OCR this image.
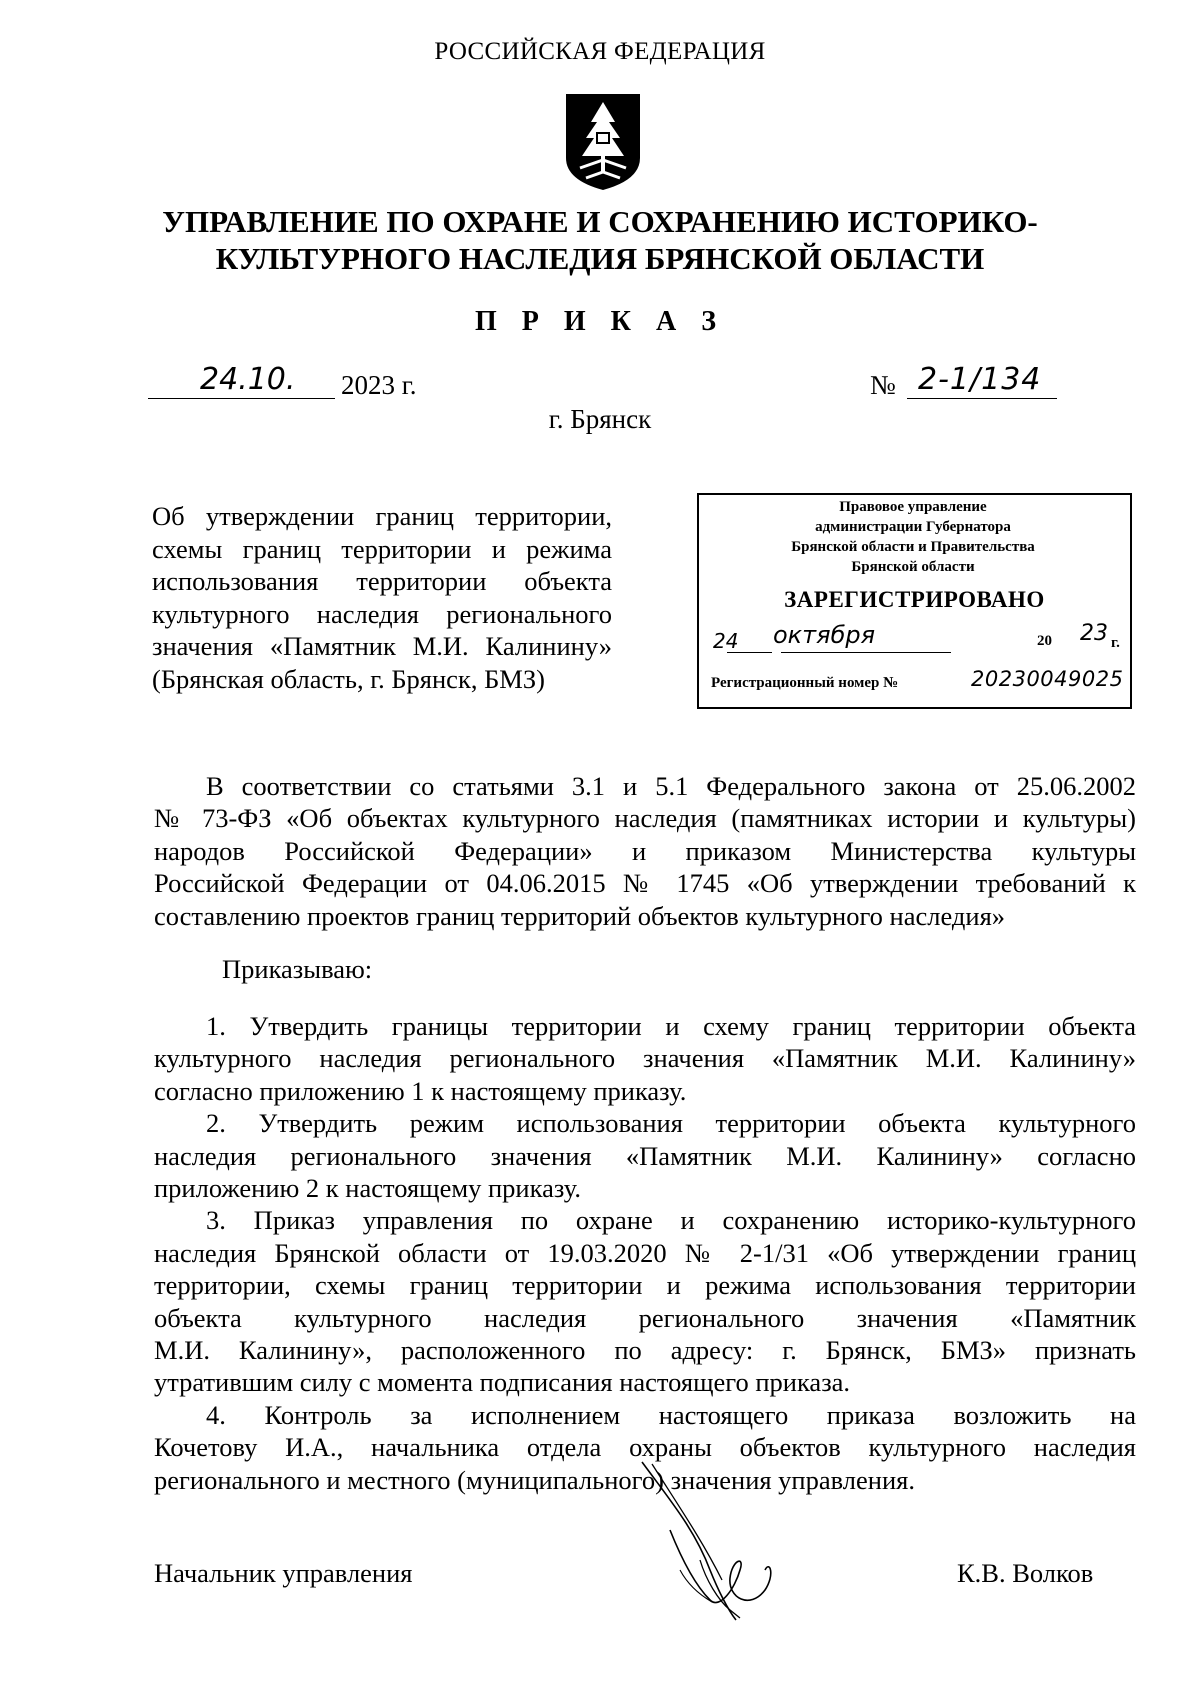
РОССИЙСКАЯ ФЕДЕРАЦИЯ
УПРАВЛЕНИЕ ПО ОХРАНЕ И СОХРАНЕНИЮ ИСТОРИКО-
КУЛЬТУРНОГО НАСЛЕДИЯ БРЯНСКОЙ ОБЛАСТИ
П Р И К А З
24.10. 2023 г.	№ 2-1/134
г. Брянск
Об утверждении границ территории,
схемы границ территории и режима
использования территории объекта
культурного наследия регионального
значения «Памятник М.И. Калинину»
(Брянская область, г. Брянск, БМЗ)
Правовое управление
администрации Губернатора
Брянской области и Правительства
Брянской области
ЗАРЕГИСТРИРОВАНО
24 октября	20 23 г.
Регистрационный номер №	20230049025
В соответствии со статьями 3.1 и 5.1 Федерального закона от 25.06.2002
№ 73-ФЗ «Об объектах культурного наследия (памятниках истории и культуры)
народов Российской Федерации» и приказом Министерства культуры
Российской Федерации от 04.06.2015 № 1745 «Об утверждении требований к
составлению проектов границ территорий объектов культурного наследия»
Приказываю:
1. Утвердить границы территории и схему границ территории объекта
культурного наследия регионального значения «Памятник М.И. Калинину»
согласно приложению 1 к настоящему приказу.
2. Утвердить режим использования территории объекта культурного
наследия регионального значения «Памятник М.И. Калинину» согласно
приложению 2 к настоящему приказу.
3. Приказ управления по охране и сохранению историко-культурного
наследия Брянской области от 19.03.2020 № 2-1/31 «Об утверждении границ
территории, схемы границ территории и режима использования территории
объекта культурного наследия регионального значения «Памятник
М.И. Калинину», расположенного по адресу: г. Брянск, БМЗ» признать
утратившим силу с момента подписания настоящего приказа.
4. Контроль за исполнением настоящего приказа возложить на
Кочетову И.А., начальника отдела охраны объектов культурного наследия
регионального и местного (муниципального) значения управления.
Начальник управления	К.В. Волков
